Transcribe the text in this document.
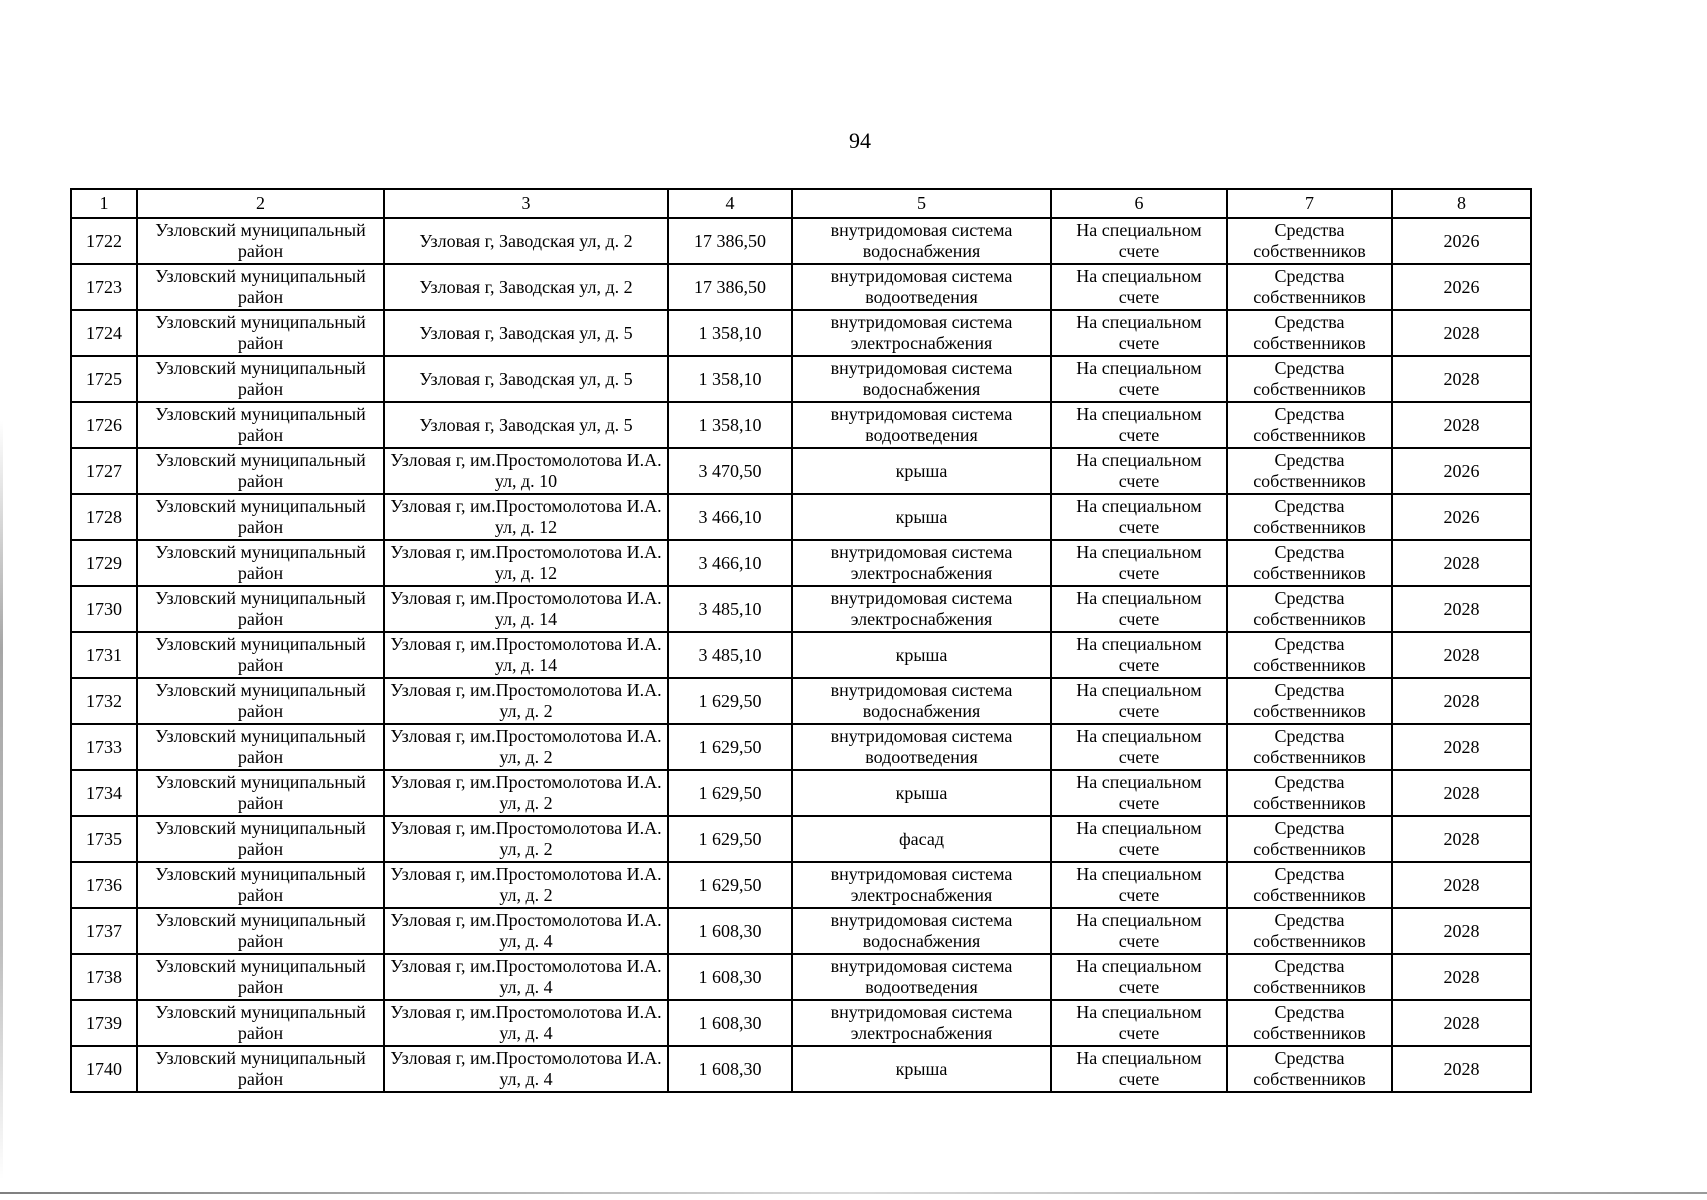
94
1	2	3	4	5	6	7	8
1722	Узловский муниципальный район	Узловая г, Заводская ул, д. 2	17 386,50	внутридомовая система водоснабжения	На специальном счете	Средства собственников	2026
1723	Узловский муниципальный район	Узловая г, Заводская ул, д. 2	17 386,50	внутридомовая система водоотведения	На специальном счете	Средства собственников	2026
1724	Узловский муниципальный район	Узловая г, Заводская ул, д. 5	1 358,10	внутридомовая система электроснабжения	На специальном счете	Средства собственников	2028
1725	Узловский муниципальный район	Узловая г, Заводская ул, д. 5	1 358,10	внутридомовая система водоснабжения	На специальном счете	Средства собственников	2028
1726	Узловский муниципальный район	Узловая г, Заводская ул, д. 5	1 358,10	внутридомовая система водоотведения	На специальном счете	Средства собственников	2028
1727	Узловский муниципальный район	Узловая г, им.Простомолотова И.А. ул, д. 10	3 470,50	крыша	На специальном счете	Средства собственников	2026
1728	Узловский муниципальный район	Узловая г, им.Простомолотова И.А. ул, д. 12	3 466,10	крыша	На специальном счете	Средства собственников	2026
1729	Узловский муниципальный район	Узловая г, им.Простомолотова И.А. ул, д. 12	3 466,10	внутридомовая система электроснабжения	На специальном счете	Средства собственников	2028
1730	Узловский муниципальный район	Узловая г, им.Простомолотова И.А. ул, д. 14	3 485,10	внутридомовая система электроснабжения	На специальном счете	Средства собственников	2028
1731	Узловский муниципальный район	Узловая г, им.Простомолотова И.А. ул, д. 14	3 485,10	крыша	На специальном счете	Средства собственников	2028
1732	Узловский муниципальный район	Узловая г, им.Простомолотова И.А. ул, д. 2	1 629,50	внутридомовая система водоснабжения	На специальном счете	Средства собственников	2028
1733	Узловский муниципальный район	Узловая г, им.Простомолотова И.А. ул, д. 2	1 629,50	внутридомовая система водоотведения	На специальном счете	Средства собственников	2028
1734	Узловский муниципальный район	Узловая г, им.Простомолотова И.А. ул, д. 2	1 629,50	крыша	На специальном счете	Средства собственников	2028
1735	Узловский муниципальный район	Узловая г, им.Простомолотова И.А. ул, д. 2	1 629,50	фасад	На специальном счете	Средства собственников	2028
1736	Узловский муниципальный район	Узловая г, им.Простомолотова И.А. ул, д. 2	1 629,50	внутридомовая система электроснабжения	На специальном счете	Средства собственников	2028
1737	Узловский муниципальный район	Узловая г, им.Простомолотова И.А. ул, д. 4	1 608,30	внутридомовая система водоснабжения	На специальном счете	Средства собственников	2028
1738	Узловский муниципальный район	Узловая г, им.Простомолотова И.А. ул, д. 4	1 608,30	внутридомовая система водоотведения	На специальном счете	Средства собственников	2028
1739	Узловский муниципальный район	Узловая г, им.Простомолотова И.А. ул, д. 4	1 608,30	внутридомовая система электроснабжения	На специальном счете	Средства собственников	2028
1740	Узловский муниципальный район	Узловая г, им.Простомолотова И.А. ул, д. 4	1 608,30	крыша	На специальном счете	Средства собственников	2028
